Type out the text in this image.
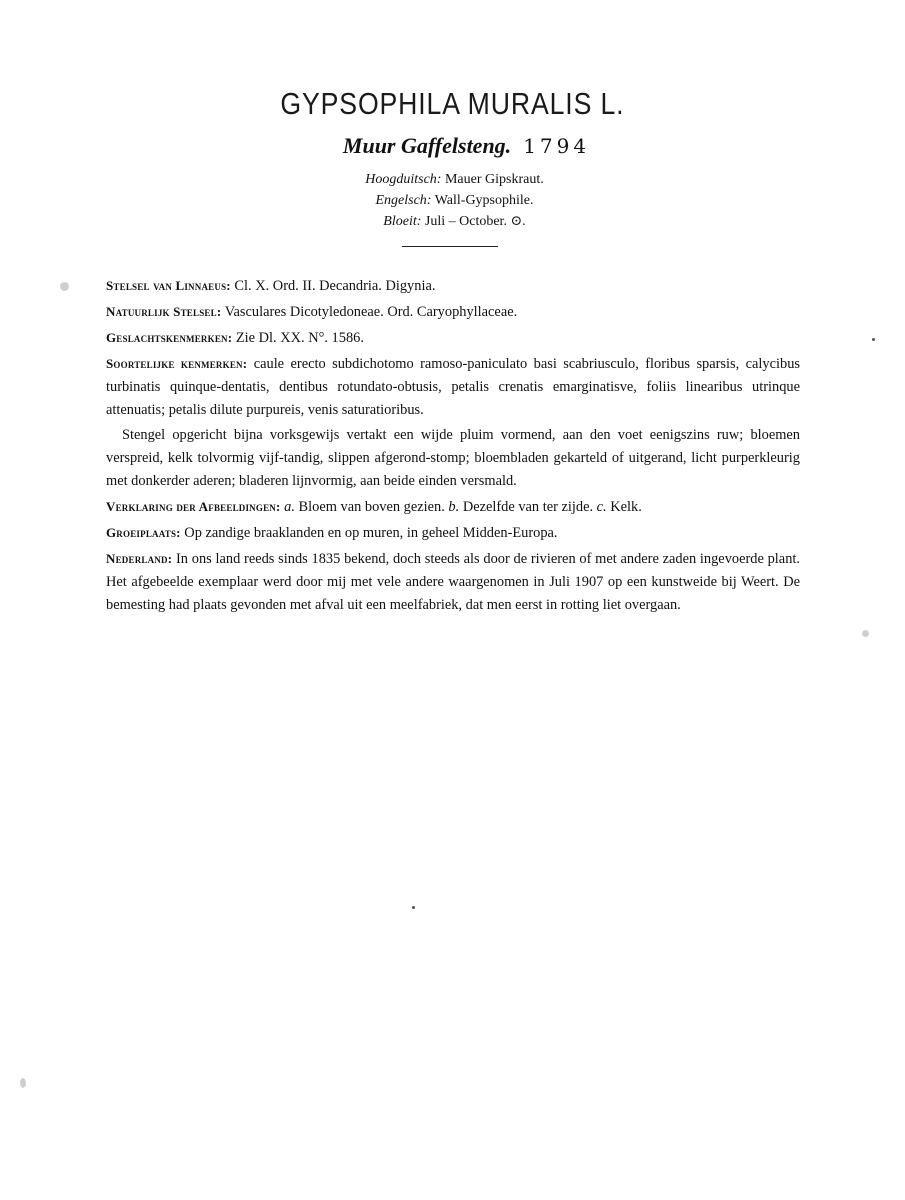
GYPSOPHILA MURALIS L.
Muur Gaffelsteng. 1794
Hoogduitsch: Mauer Gipskraut.
Engelsch: Wall-Gypsophile.
Bloeit: Juli – October. ⊙.

Stelsel van Linnaeus: Cl. X. Ord. II. Decandria. Digynia.

Natuurlijk Stelsel: Vasculares Dicotyledoneae. Ord. Caryophyllaceae.

Geslachtskenmerken: Zie Dl. XX. N°. 1586.

Soortelijke kenmerken: caule erecto subdichotomo ramoso-paniculato basi scabriusculo, floribus sparsis, calycibus turbinatis quinque-dentatis, dentibus rotundato-obtusis, petalis crenatis emarginatisve, foliis linearibus utrinque attenuatis; petalis dilute purpureis, venis saturatioribus.

Stengel opgericht bijna vorksgewijs vertakt een wijde pluim vormend, aan den voet eenigszins ruw; bloemen verspreid, kelk tolvormig vijf-tandig, slippen afgerond-stomp; bloembladen gekarteld of uitgerand, licht purperkleurig met donkerder aderen; bladeren lijnvormig, aan beide einden versmald.

Verklaring der Afbeeldingen: a. Bloem van boven gezien. b. Dezelfde van ter zijde. c. Kelk.

Groeiplaats: Op zandige braaklanden en op muren, in geheel Midden-Europa.

Nederland: In ons land reeds sinds 1835 bekend, doch steeds als door de rivieren of met andere zaden ingevoerde plant. Het afgebeelde exemplaar werd door mij met vele andere waargenomen in Juli 1907 op een kunstweide bij Weert. De bemesting had plaats gevonden met afval uit een meelfabriek, dat men eerst in rotting liet overgaan.
